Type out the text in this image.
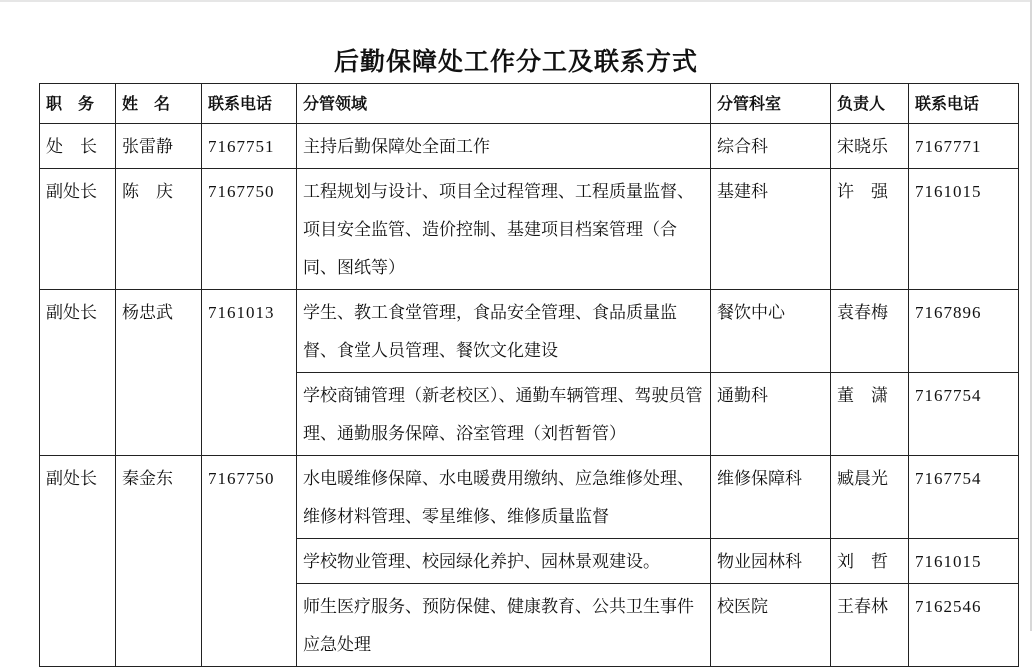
后勤保障处工作分工及联系方式
职　务	姓　名	联系电话	分管领域	分管科室	负责人	联系电话
处　长	张雷静	7167751	主持后勤保障处全面工作	综合科	宋晓乐	7167771
副处长	陈　庆	7167750	工程规划与设计、项目全过程管理、工程质量监督、项目安全监管、造价控制、基建项目档案管理（合同、图纸等）	基建科	许　强	7161015
副处长	杨忠武	7161013	学生、教工食堂管理，食品安全管理、食品质量监督、食堂人员管理、餐饮文化建设	餐饮中心	袁春梅	7167896
			学校商铺管理（新老校区）、通勤车辆管理、驾驶员管理、通勤服务保障、浴室管理（刘哲暂管）	通勤科	董　潇	7167754
副处长	秦金东	7167750	水电暖维修保障、水电暖费用缴纳、应急维修处理、维修材料管理、零星维修、维修质量监督	维修保障科	臧晨光	7167754
			学校物业管理、校园绿化养护、园林景观建设。	物业园林科	刘　哲	7161015
			师生医疗服务、预防保健、健康教育、公共卫生事件应急处理	校医院	王春林	7162546
